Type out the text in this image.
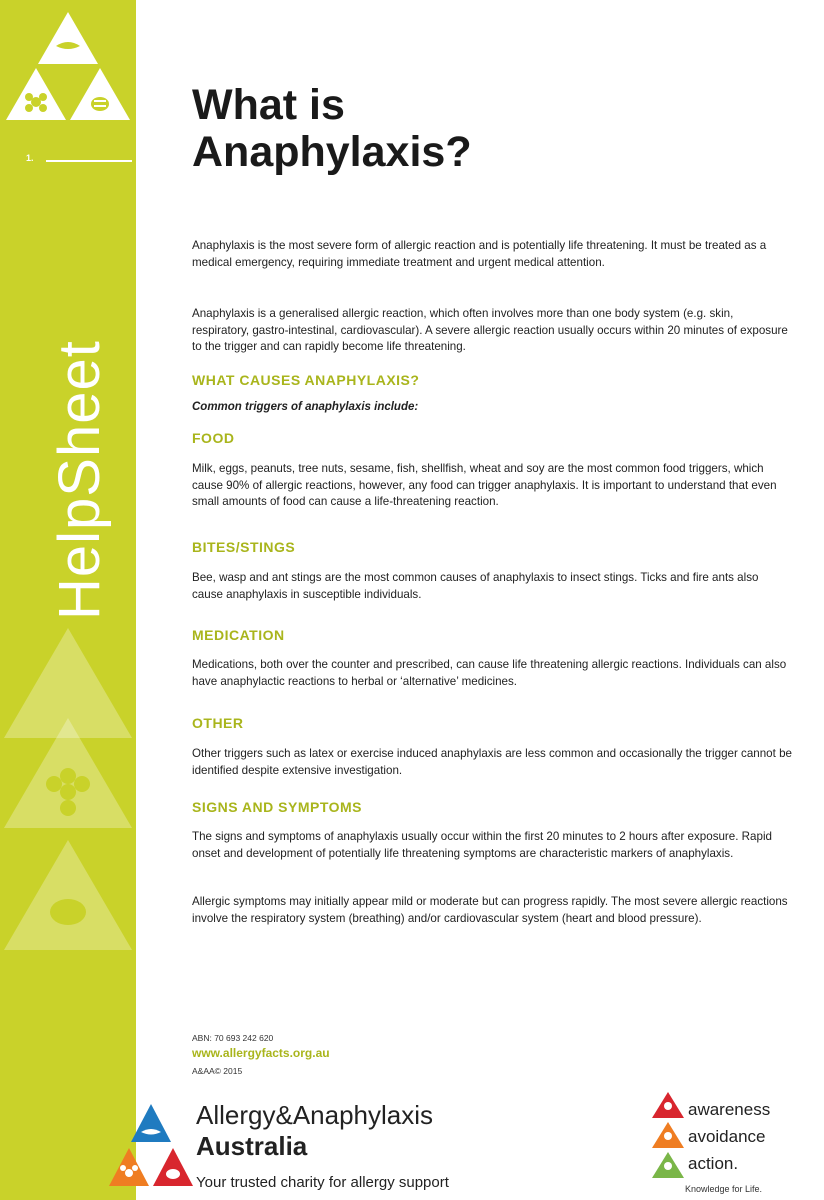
1.
HelpSheet
What is Anaphylaxis?

Anaphylaxis is the most severe form of allergic reaction and is potentially life threatening. It must be treated as a medical emergency, requiring immediate treatment and urgent medical attention.

Anaphylaxis is a generalised allergic reaction, which often involves more than one body system (e.g. skin, respiratory, gastro-intestinal, cardiovascular). A severe allergic reaction usually occurs within 20 minutes of exposure to the trigger and can rapidly become life threatening.

WHAT CAUSES ANAPHYLAXIS?
Common triggers of anaphylaxis include:
FOOD

Milk, eggs, peanuts, tree nuts, sesame, fish, shellfish, wheat and soy are the most common food triggers, which cause 90% of allergic reactions, however, any food can trigger anaphylaxis. It is important to understand that even small amounts of food can cause a life-threatening reaction.

BITES/STINGS

Bee, wasp and ant stings are the most common causes of anaphylaxis to insect stings. Ticks and fire ants also cause anaphylaxis in susceptible individuals.

MEDICATION

Medications, both over the counter and prescribed, can cause life threatening allergic reactions. Individuals can also have anaphylactic reactions to herbal or ‘alternative’ medicines.

OTHER

Other triggers such as latex or exercise induced anaphylaxis are less common and occasionally the trigger cannot be identified despite extensive investigation.

SIGNS AND SYMPTOMS

The signs and symptoms of anaphylaxis usually occur within the first 20 minutes to 2 hours after exposure. Rapid onset and development of potentially life threatening symptoms are characteristic markers of anaphylaxis.

Allergic symptoms may initially appear mild or moderate but can progress rapidly. The most severe allergic reactions involve the respiratory system (breathing) and/or cardiovascular system (heart and blood pressure).

ABN: 70 693 242 620
www.allergyfacts.org.au
A&AA© 2015
Allergy&Anaphylaxis
Australia
Your trusted charity for allergy support
awareness
avoidance
action.
Knowledge for Life.
